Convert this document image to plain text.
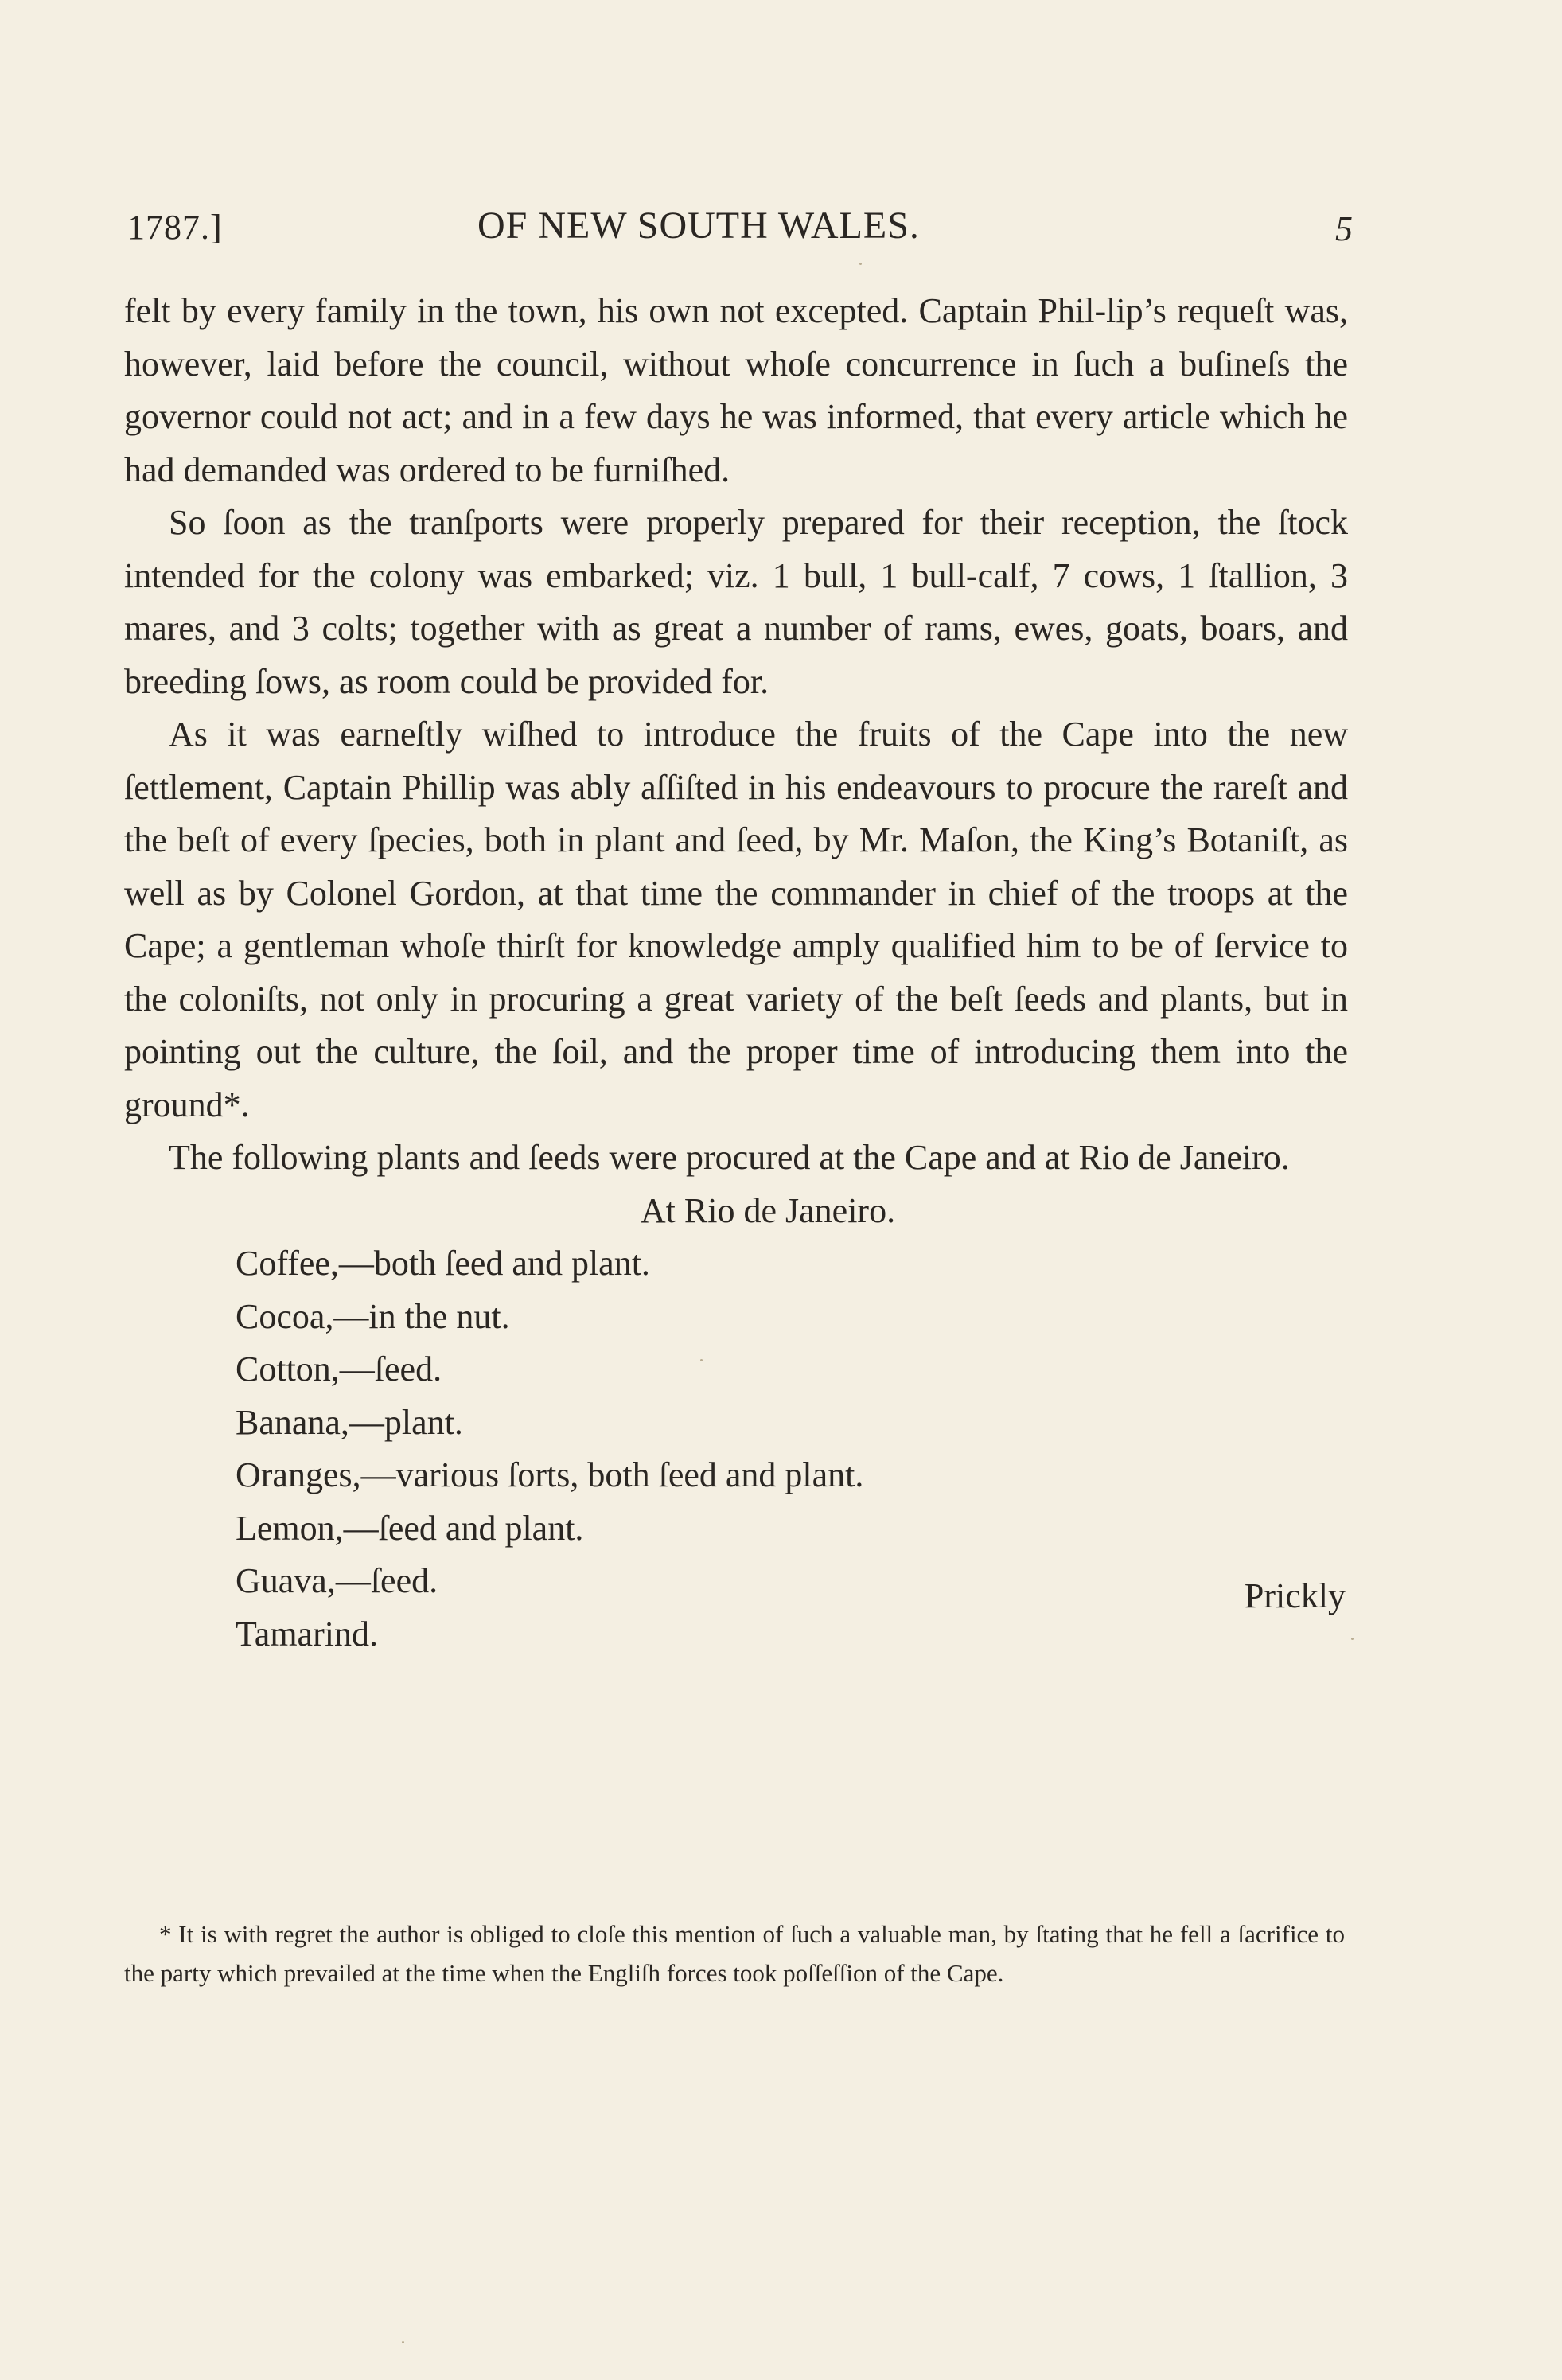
1787.]	OF NEW SOUTH WALES.	5

felt by every family in the town, his own not excepted. Captain Phil-lip’s requeſt was, however, laid before the council, without whoſe concurrence in ſuch a buſineſs the governor could not act; and in a few days he was informed, that every article which he had demanded was ordered to be furniſhed.

So ſoon as the tranſports were properly prepared for their reception, the ſtock intended for the colony was embarked; viz. 1 bull, 1 bull-calf, 7 cows, 1 ſtallion, 3 mares, and 3 colts; together with as great a number of rams, ewes, goats, boars, and breeding ſows, as room could be provided for.

As it was earneſtly wiſhed to introduce the fruits of the Cape into the new ſettlement, Captain Phillip was ably aſſiſted in his endeavours to procure the rareſt and the beſt of every ſpecies, both in plant and ſeed, by Mr. Maſon, the King’s Botaniſt, as well as by Colonel Gordon, at that time the commander in chief of the troops at the Cape; a gentleman whoſe thirſt for knowledge amply qualified him to be of ſervice to the coloniſts, not only in procuring a great variety of the beſt ſeeds and plants, but in pointing out the culture, the ſoil, and the proper time of introducing them into the ground*.

The following plants and ſeeds were procured at the Cape and at Rio de Janeiro.

At Rio de Janeiro.

Coffee,—both ſeed and plant.
Cocoa,—in the nut.
Cotton,—ſeed.
Banana,—plant.
Oranges,—various ſorts, both ſeed and plant.
Lemon,—ſeed and plant.
Guava,—ſeed.
Tamarind.

* It is with regret the author is obliged to cloſe this mention of ſuch a valuable man, by ſtating that he fell a ſacrifice to the party which prevailed at the time when the Engliſh forces took poſſeſſion of the Cape.

Prickly
